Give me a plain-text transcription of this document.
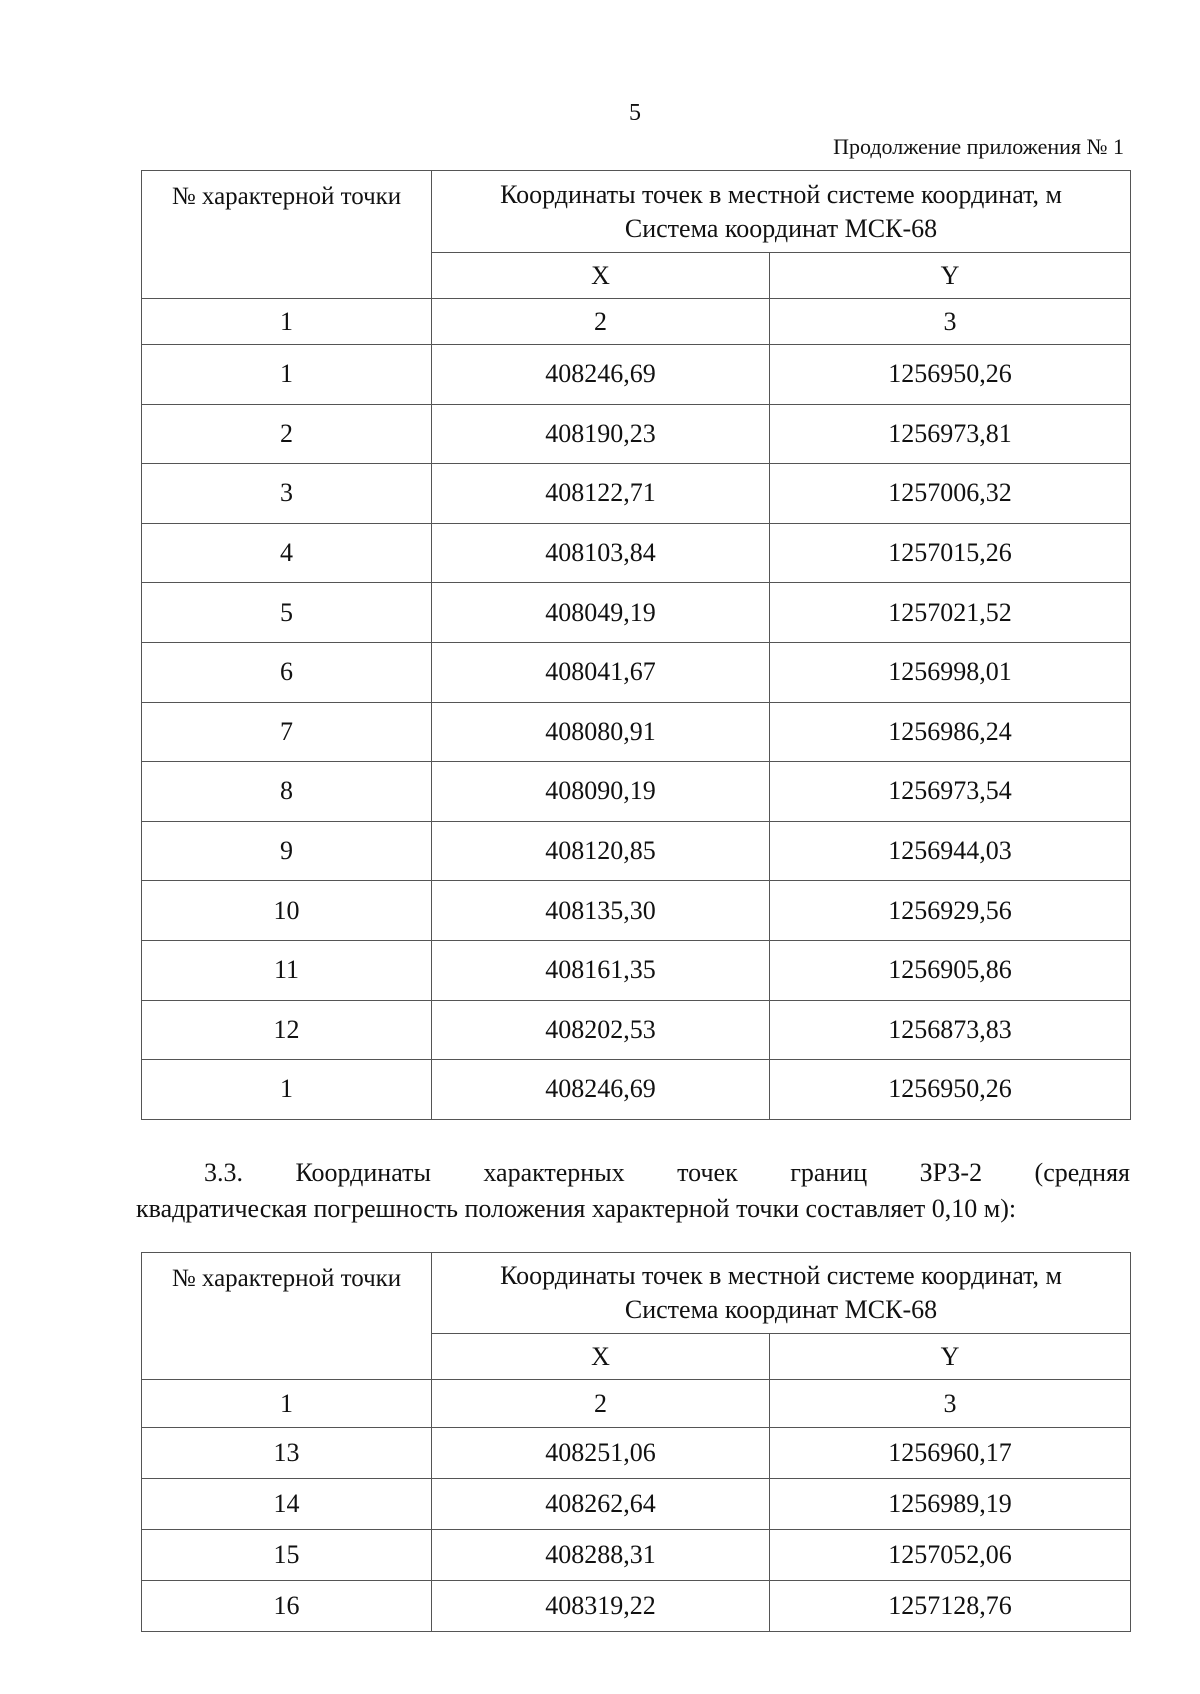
5
Продолжение приложения № 1
№ характерной точки	Координаты точек в местной системе координат, м
Система координат МСК-68	

	X	Y
1	2	3
1	408246,69	1256950,26
2	408190,23	1256973,81
3	408122,71	1257006,32
4	408103,84	1257015,26
5	408049,19	1257021,52
6	408041,67	1256998,01
7	408080,91	1256986,24
8	408090,19	1256973,54
9	408120,85	1256944,03
10	408135,30	1256929,56
11	408161,35	1256905,86
12	408202,53	1256873,83
1	408246,69	1256950,26
3.3. Координаты характерных точек границ ЗРЗ-2 (средняя
квадратическая погрешность положения характерной точки составляет 0,10 м):
№ характерной точки	Координаты точек в местной системе координат, м
Система координат МСК-68	

	X	Y
1	2	3
13	408251,06	1256960,17
14	408262,64	1256989,19
15	408288,31	1257052,06
16	408319,22	1257128,76
